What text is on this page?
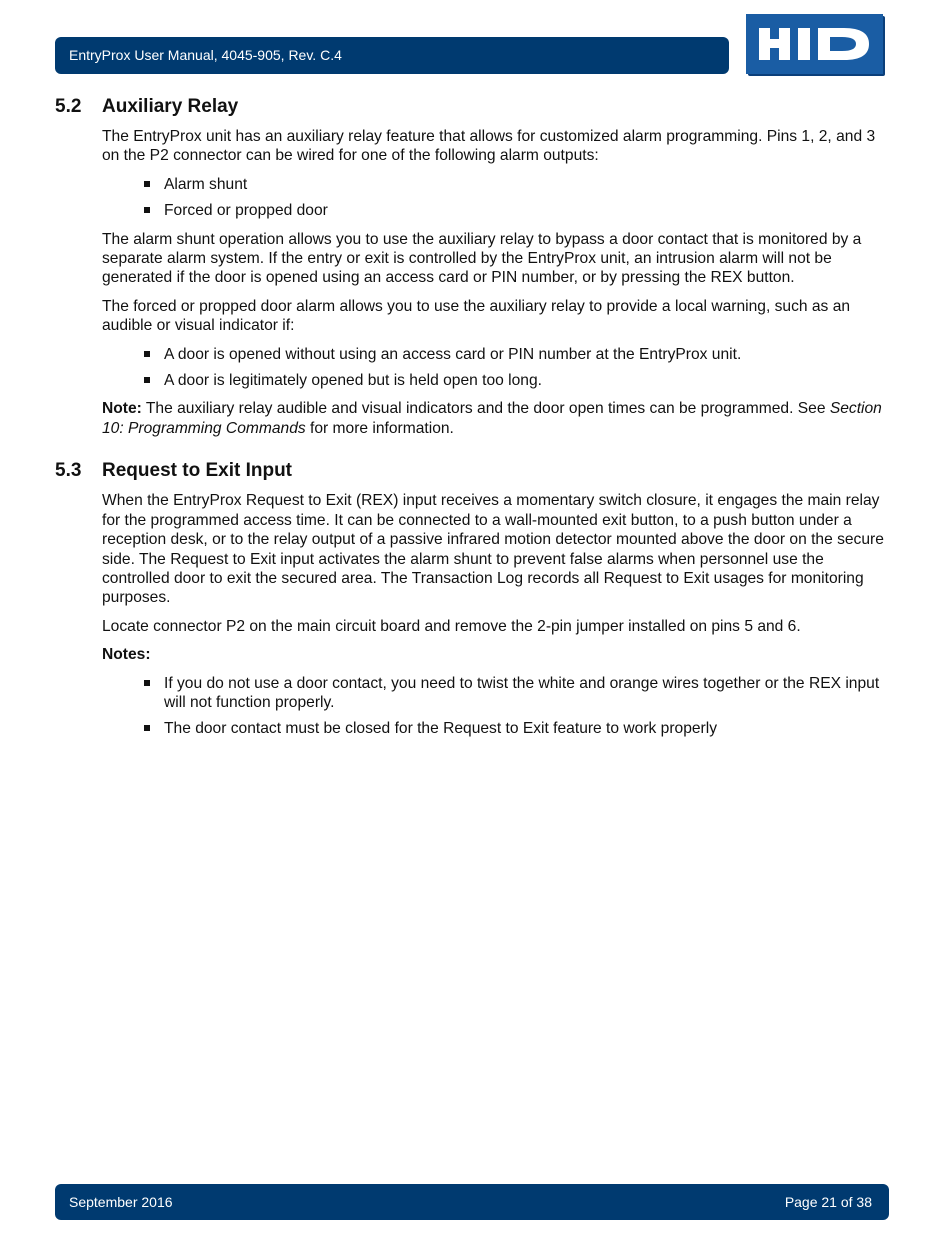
EntryProx User Manual, 4045-905, Rev. C.4
5.2	Auxiliary Relay

The EntryProx unit has an auxiliary relay feature that allows for customized alarm programming. Pins 1, 2, and 3 on the P2 connector can be wired for one of the following alarm outputs:

Alarm shunt
Forced or propped door

The alarm shunt operation allows you to use the auxiliary relay to bypass a door contact that is monitored by a separate alarm system. If the entry or exit is controlled by the EntryProx unit, an intrusion alarm will not be generated if the door is opened using an access card or PIN number, or by pressing the REX button.

The forced or propped door alarm allows you to use the auxiliary relay to provide a local warning, such as an audible or visual indicator if:

A door is opened without using an access card or PIN number at the EntryProx unit.
A door is legitimately opened but is held open too long.

Note: The auxiliary relay audible and visual indicators and the door open times can be programmed. See Section 10: Programming Commands for more information.

5.3	Request to Exit Input

When the EntryProx Request to Exit (REX) input receives a momentary switch closure, it engages the main relay for the programmed access time. It can be connected to a wall-mounted exit button, to a push button under a reception desk, or to the relay output of a passive infrared motion detector mounted above the door on the secure side. The Request to Exit input activates the alarm shunt to prevent false alarms when personnel use the controlled door to exit the secured area. The Transaction Log records all Request to Exit usages for monitoring purposes.

Locate connector P2 on the main circuit board and remove the 2-pin jumper installed on pins 5 and 6.

Notes:

If you do not use a door contact, you need to twist the white and orange wires together or the REX input will not function properly.
The door contact must be closed for the Request to Exit feature to work properly
September 2016	Page 21 of 38
